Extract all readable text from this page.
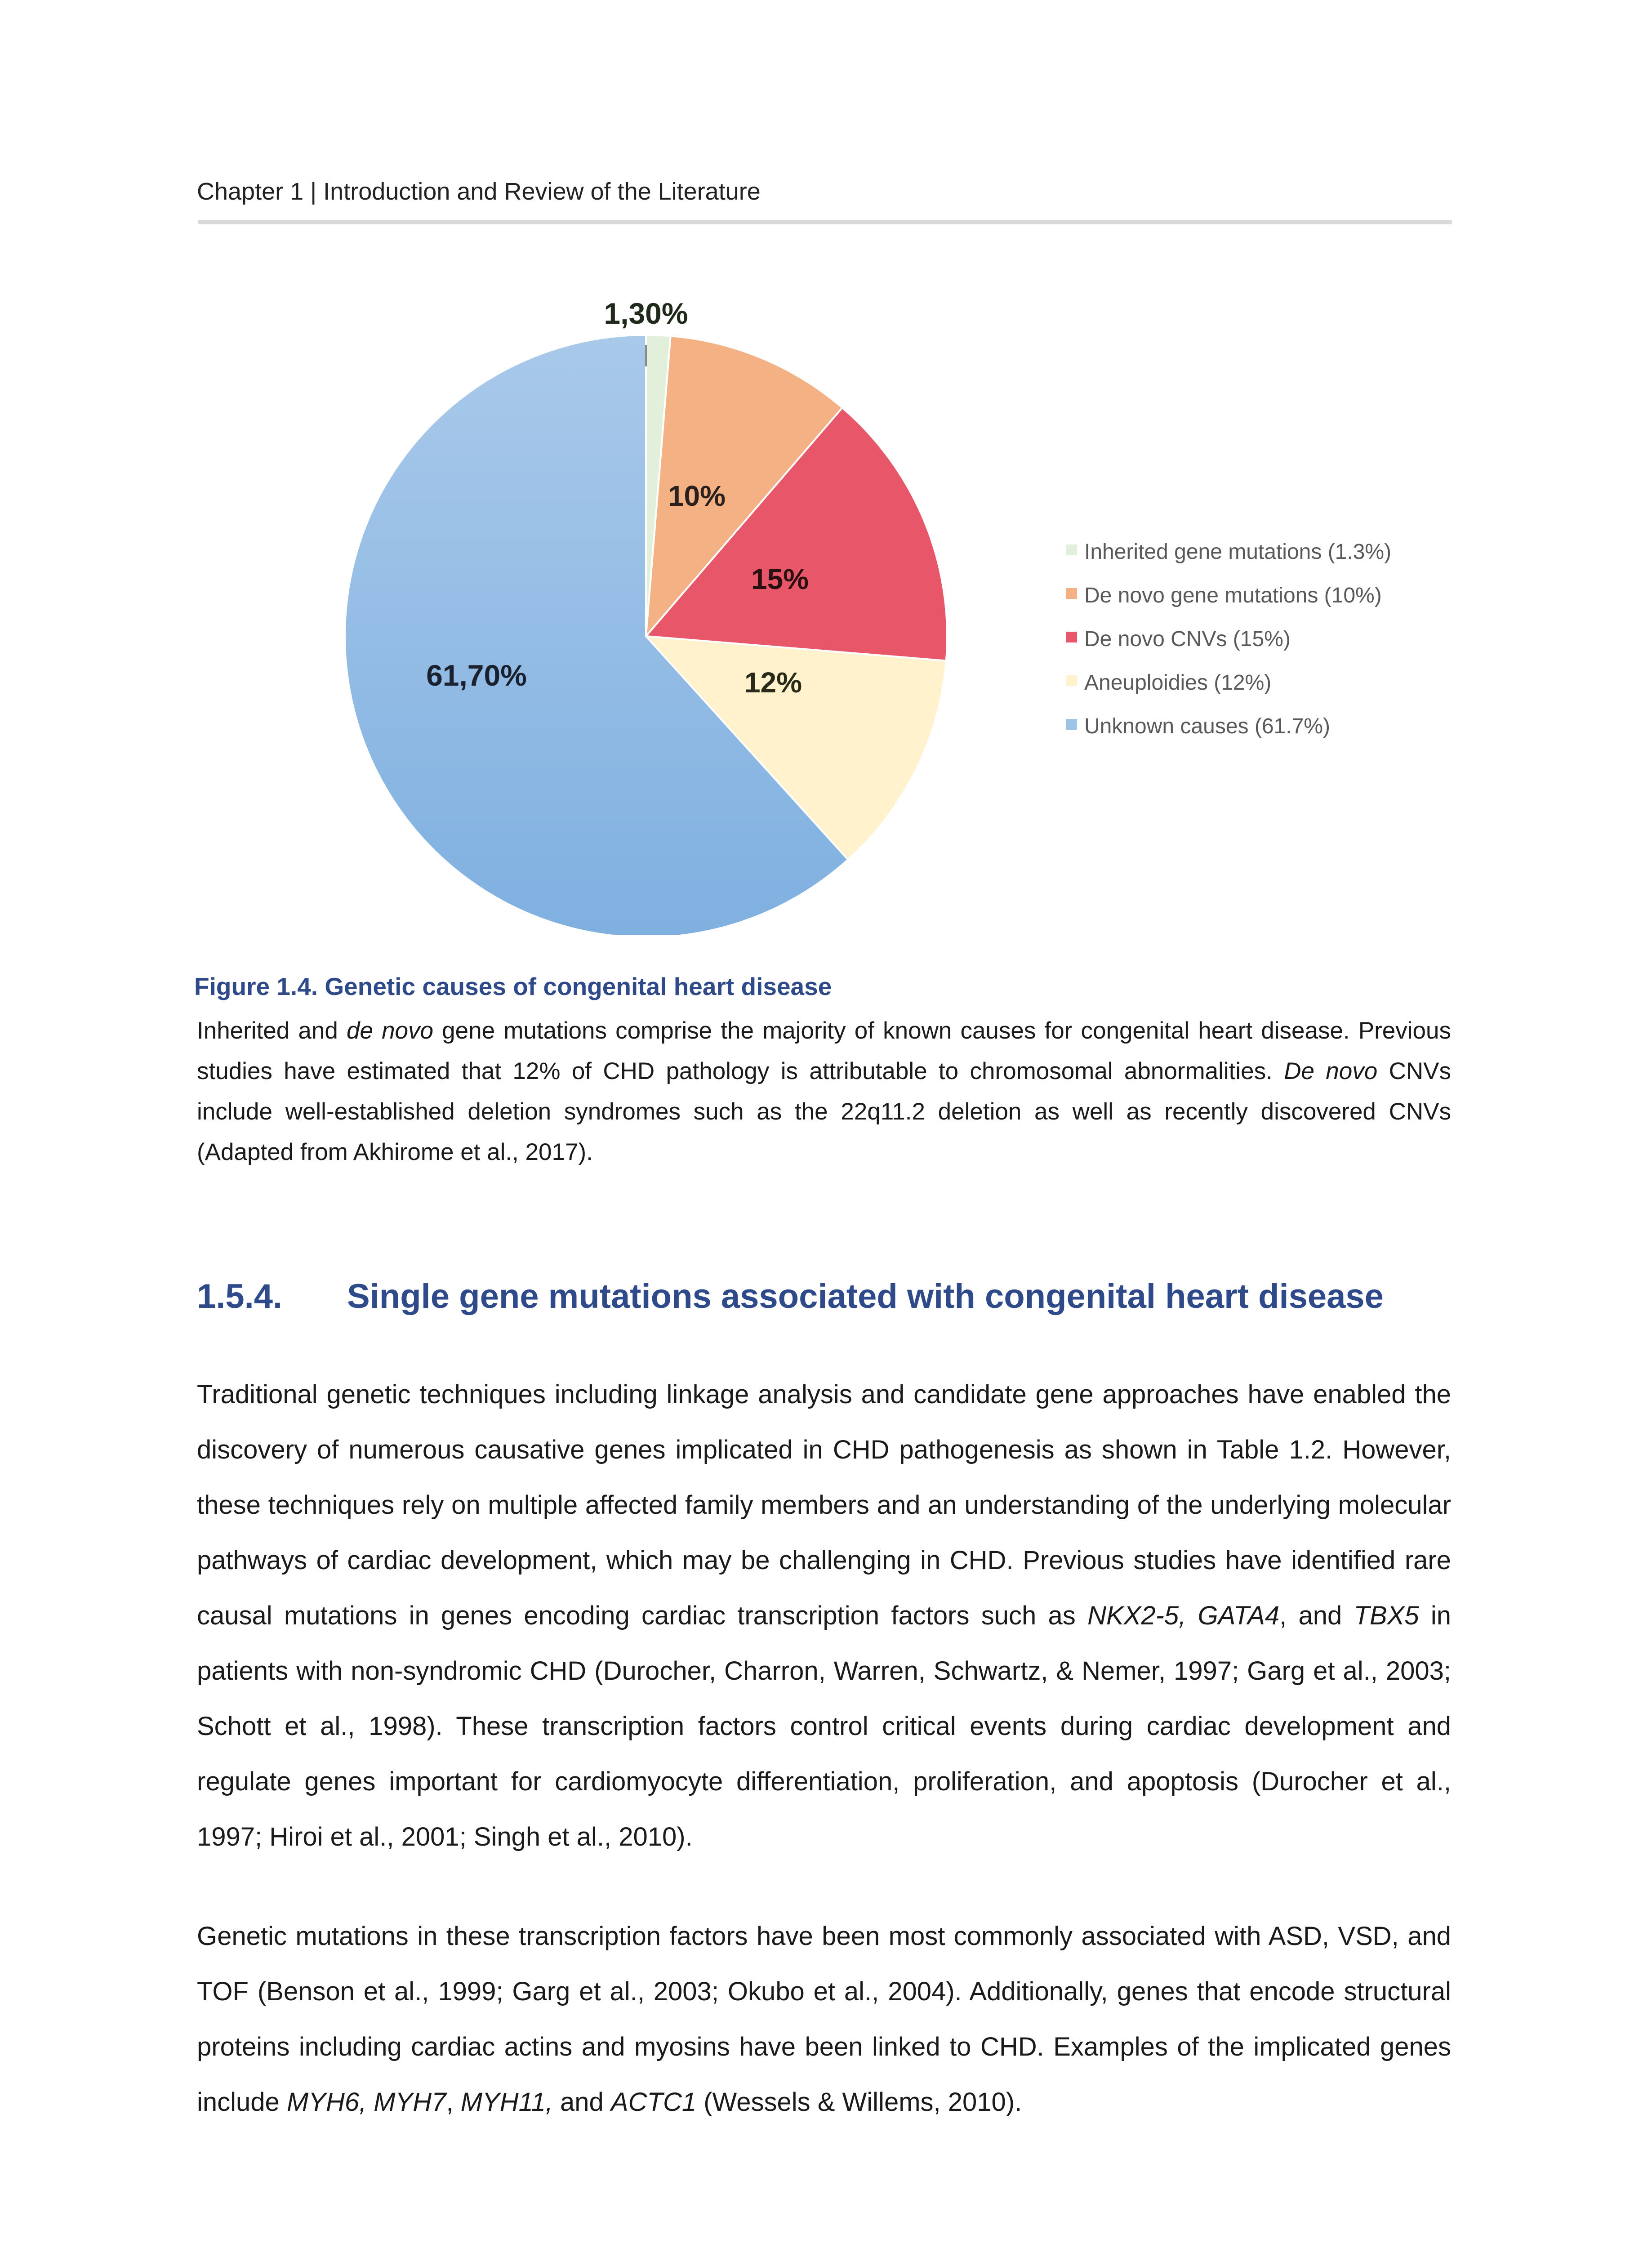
Chapter 1 | Introduction and Review of the Literature
1,30%
10%
15%
12%
61,70%
Inherited gene mutations (1.3%)
De novo gene mutations (10%)
De novo CNVs (15%)
Aneuploidies (12%)
Unknown causes (61.7%)
Figure 1.4. Genetic causes of congenital heart disease

Inherited and de novo gene mutations comprise the majority of known causes for congenital heart disease. Previous studies have estimated that 12% of CHD pathology is attributable to chromosomal abnormalities. De novo CNVs include well-established deletion syndromes such as the 22q11.2 deletion as well as recently discovered CNVs (Adapted from Akhirome et al., 2017).

1.5.4. Single gene mutations associated with congenital heart disease

Traditional genetic techniques including linkage analysis and candidate gene approaches have enabled the discovery of numerous causative genes implicated in CHD pathogenesis as shown in Table 1.2. However, these techniques rely on multiple affected family members and an understanding of the underlying molecular pathways of cardiac development, which may be challenging in CHD. Previous studies have identified rare causal mutations in genes encoding cardiac transcription factors such as NKX2-5, GATA4, and TBX5 in patients with non-syndromic CHD (Durocher, Charron, Warren, Schwartz, & Nemer, 1997; Garg et al., 2003; Schott et al., 1998). These transcription factors control critical events during cardiac development and regulate genes important for cardiomyocyte differentiation, proliferation, and apoptosis (Durocher et al., 1997; Hiroi et al., 2001; Singh et al., 2010).

Genetic mutations in these transcription factors have been most commonly associated with ASD, VSD, and TOF (Benson et al., 1999; Garg et al., 2003; Okubo et al., 2004). Additionally, genes that encode structural proteins including cardiac actins and myosins have been linked to CHD. Examples of the implicated genes include MYH6, MYH7, MYH11, and ACTC1 (Wessels & Willems, 2010).
